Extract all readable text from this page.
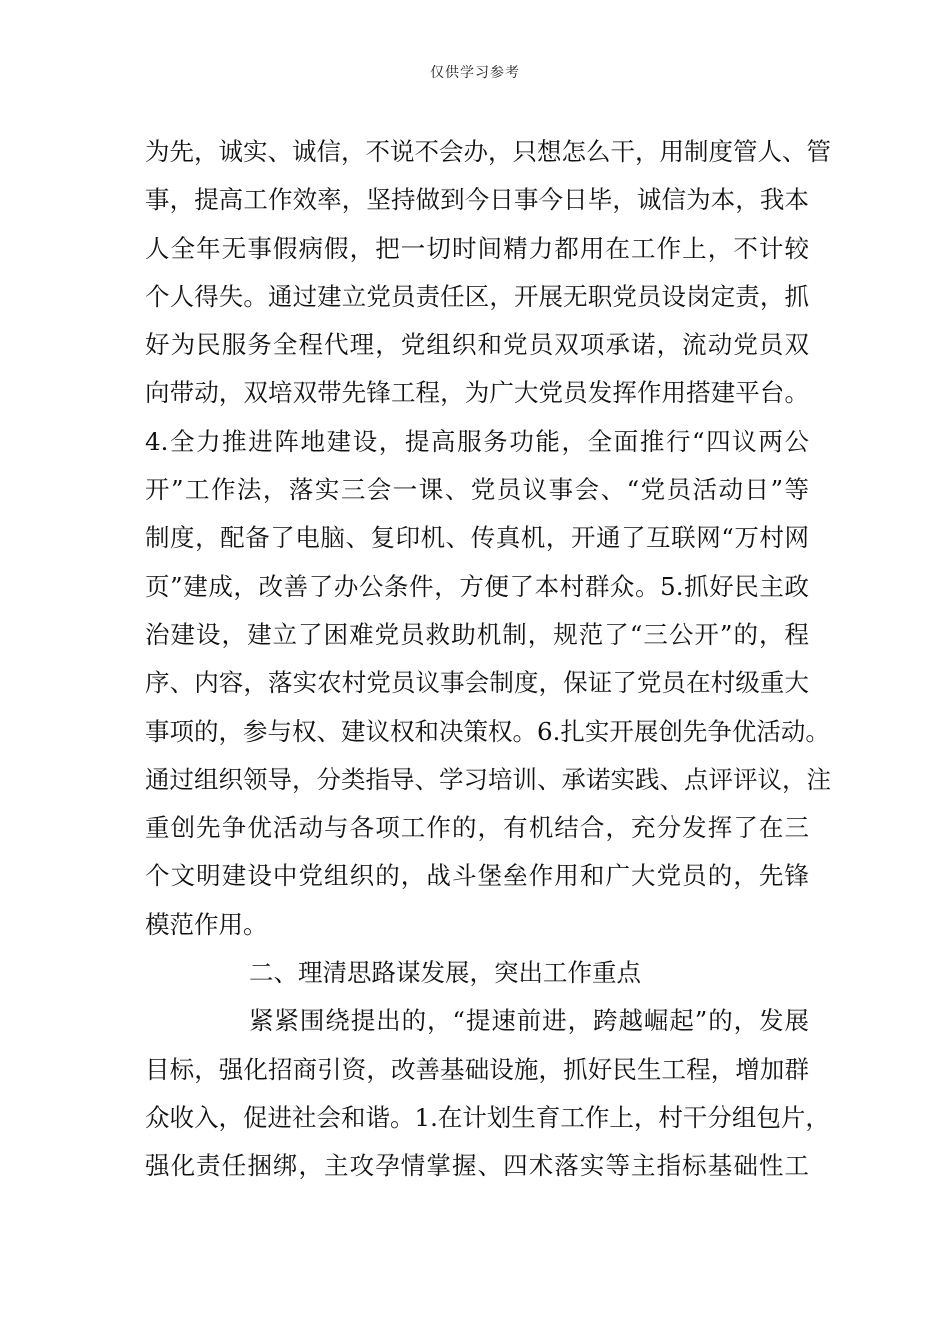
仅供学习参考
为先，诚实、诚信，不说不会办，只想怎么干，用制度管人、管
事，提高工作效率，坚持做到今日事今日毕，诚信为本，我本
人全年无事假病假，把一切时间精力都用在工作上，不计较
个人得失。通过建立党员责任区，开展无职党员设岗定责，抓
好为民服务全程代理，党组织和党员双项承诺，流动党员双
向带动，双培双带先锋工程，为广大党员发挥作用搭建平台。
4.全力推进阵地建设，提高服务功能，全面推行“四议两公
开”工作法，落实三会一课、党员议事会、“党员活动日”等
制度，配备了电脑、复印机、传真机，开通了互联网“万村网
页”建成，改善了办公条件，方便了本村群众。5.抓好民主政
治建设，建立了困难党员救助机制，规范了“三公开”的，程
序、内容，落实农村党员议事会制度，保证了党员在村级重大
事项的，参与权、建议权和决策权。6.扎实开展创先争优活动。
通过组织领导，分类指导、学习培训、承诺实践、点评评议，注
重创先争优活动与各项工作的，有机结合，充分发挥了在三
个文明建设中党组织的，战斗堡垒作用和广大党员的，先锋
模范作用。
二、理清思路谋发展，突出工作重点
紧紧围绕提出的，“提速前进，跨越崛起”的，发展
目标，强化招商引资，改善基础设施，抓好民生工程，增加群
众收入，促进社会和谐。1.在计划生育工作上，村干分组包片，
强化责任捆绑，主攻孕情掌握、四术落实等主指标基础性工
